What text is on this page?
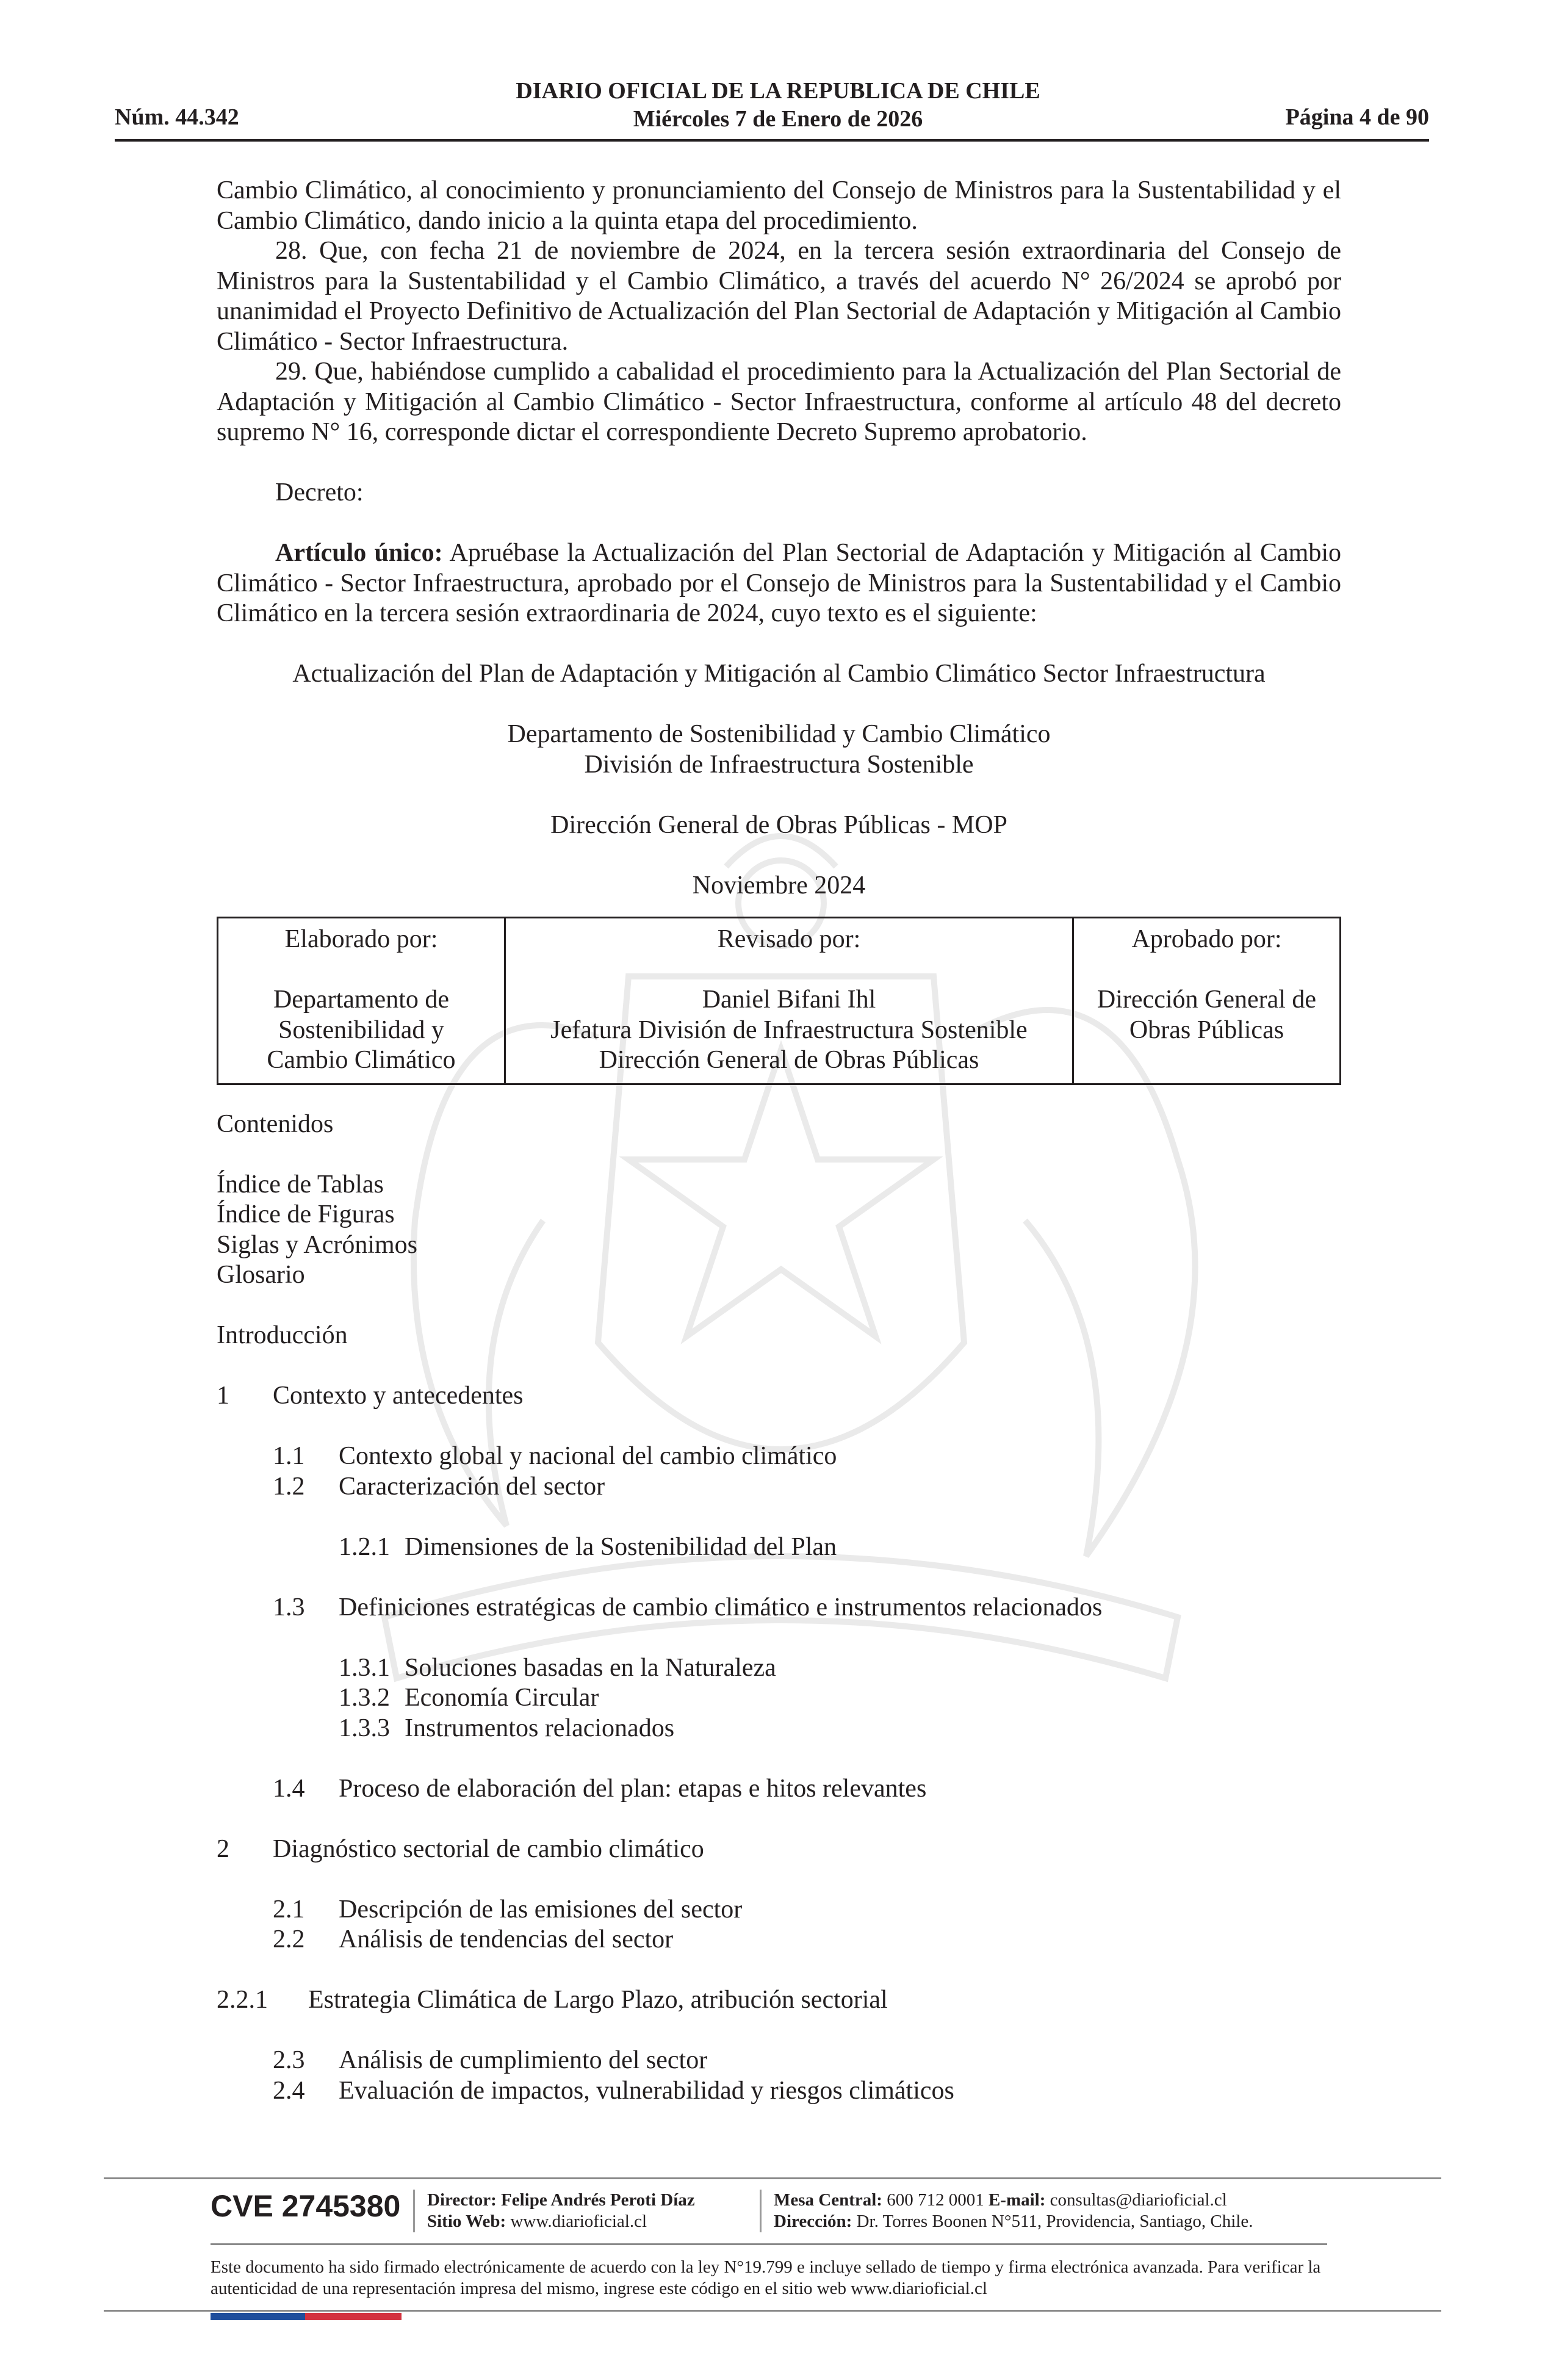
Núm. 44.342
DIARIO OFICIAL DE LA REPUBLICA DE CHILE
Miércoles 7 de Enero de 2026	Página 4 de 90

Cambio Climático, al conocimiento y pronunciamiento del Consejo de Ministros para la Sustentabilidad y el Cambio Climático, dando inicio a la quinta etapa del procedimiento.

28. Que, con fecha 21 de noviembre de 2024, en la tercera sesión extraordinaria del Consejo de Ministros para la Sustentabilidad y el Cambio Climático, a través del acuerdo N° 26/2024 se aprobó por unanimidad el Proyecto Definitivo de Actualización del Plan Sectorial de Adaptación y Mitigación al Cambio Climático - Sector Infraestructura.

29. Que, habiéndose cumplido a cabalidad el procedimiento para la Actualización del Plan Sectorial de Adaptación y Mitigación al Cambio Climático - Sector Infraestructura, conforme al artículo 48 del decreto supremo N° 16, corresponde dictar el correspondiente Decreto Supremo aprobatorio.

Decreto:

Artículo único: Apruébase la Actualización del Plan Sectorial de Adaptación y Mitigación al Cambio Climático - Sector Infraestructura, aprobado por el Consejo de Ministros para la Sustentabilidad y el Cambio Climático en la tercera sesión extraordinaria de 2024, cuyo texto es el siguiente:

Actualización del Plan de Adaptación y Mitigación al Cambio Climático Sector Infraestructura

Departamento de Sostenibilidad y Cambio Climático

División de Infraestructura Sostenible

Dirección General de Obras Públicas - MOP

Noviembre 2024

Elaborado por:
Departamento de
Sostenibilidad y
Cambio Climático

Revisado por:
Daniel Bifani Ihl
Jefatura División de Infraestructura Sostenible
Dirección General de Obras Públicas

Aprobado por:
Dirección General de
Obras Públicas

Contenidos

Índice de Tablas

Índice de Figuras

Siglas y Acrónimos

Glosario

Introducción

1	Contexto y antecedentes

1.1	Contexto global y nacional del cambio climático

1.2	Caracterización del sector

1.2.1 Dimensiones de la Sostenibilidad del Plan

1.3	Definiciones estratégicas de cambio climático e instrumentos relacionados

1.3.1 Soluciones basadas en la Naturaleza

1.3.2 Economía Circular

1.3.3 Instrumentos relacionados

1.4	Proceso de elaboración del plan: etapas e hitos relevantes

2	Diagnóstico sectorial de cambio climático

2.1	Descripción de las emisiones del sector

2.2	Análisis de tendencias del sector

2.2.1	Estrategia Climática de Largo Plazo, atribución sectorial

2.3	Análisis de cumplimiento del sector

2.4	Evaluación de impactos, vulnerabilidad y riesgos climáticos

CVE 2745380 Director: Felipe Andrés Peroti Díaz
Sitio Web: www.diarioficial.cl
Mesa Central: 600 712 0001 E-mail: consultas@diarioficial.cl
Dirección: Dr. Torres Boonen N°511, Providencia, Santiago, Chile.
Este documento ha sido firmado electrónicamente de acuerdo con la ley N°19.799 e incluye sellado de tiempo y firma electrónica avanzada. Para verificar la autenticidad de una representación impresa del mismo, ingrese este código en el sitio web www.diarioficial.cl
